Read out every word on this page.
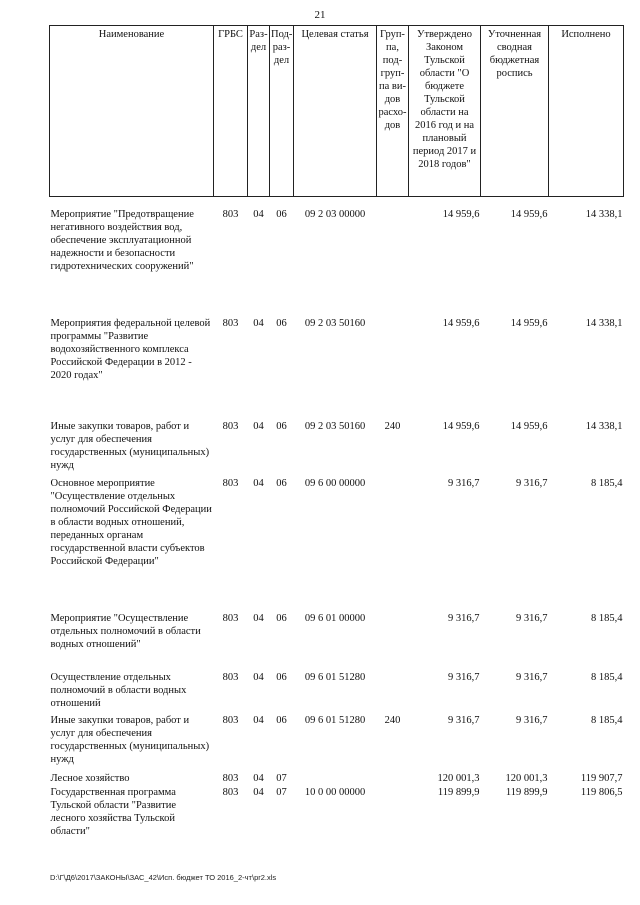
21
Наименование	ГРБС	Раз-дел	Под-раз-дел	Целевая статья	Груп-па, под-груп-па ви-дов расхо-дов	Утверждено Законом Тульской области "О бюджете Тульской области на 2016 год и на плановый период 2017 и 2018 годов"	Уточненная сводная бюджетная роспись	Исполнено
Мероприятие "Предотвращение негативного воздействия вод, обеспечение эксплуатационной надежности и безопасности гидротехнических сооружений"	803	04	06	09 2 03 00000		14 959,6	14 959,6	14 338,1
Мероприятия федеральной целевой программы "Развитие водохозяйственного комплекса Российской Федерации в 2012 - 2020 годах"	803	04	06	09 2 03 50160		14 959,6	14 959,6	14 338,1
Иные закупки товаров, работ и услуг для обеспечения государственных (муниципальных) нужд	803	04	06	09 2 03 50160	240	14 959,6	14 959,6	14 338,1
Основное мероприятие "Осуществление отдельных полномочий Российской Федерации в области водных отношений, переданных органам государственной власти субъектов Российской Федерации"	803	04	06	09 6 00 00000		9 316,7	9 316,7	8 185,4
Мероприятие "Осуществление отдельных полномочий в области водных отношений"	803	04	06	09 6 01 00000		9 316,7	9 316,7	8 185,4
Осуществление отдельных полномочий в области водных отношений	803	04	06	09 6 01 51280		9 316,7	9 316,7	8 185,4
Иные закупки товаров, работ и услуг для обеспечения государственных (муниципальных) нужд	803	04	06	09 6 01 51280	240	9 316,7	9 316,7	8 185,4
Лесное хозяйство	803	04	07			120 001,3	120 001,3	119 907,7
Государственная программа Тульской области "Развитие лесного хозяйства Тульской области"	803	04	07	10 0 00 00000		119 899,9	119 899,9	119 806,5
D:\Г\Д6\2017\ЗАКОНЫ\ЗАС_42\Исп. бюджет ТО 2016_2-чт\pr2.xls
